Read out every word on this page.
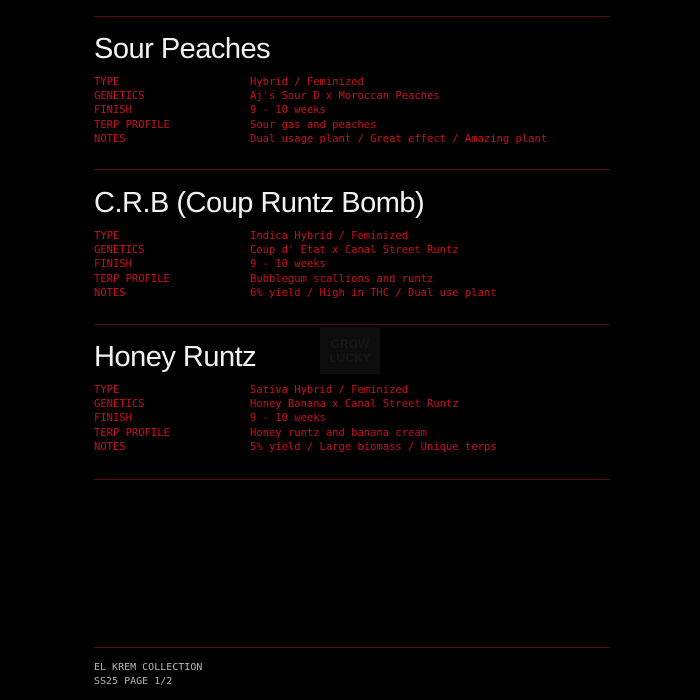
Sour Peaches
TYPE	Hybrid / Feminized
GENETICS	Aj's Sour D x Moroccan Peaches
FINISH	9 - 10 weeks
TERP PROFILE	Sour gas and peaches
NOTES	Dual usage plant / Great effect / Amazing plant
C.R.B (Coup Runtz Bomb)
TYPE	Indica Hybrid / Feminized
GENETICS	Coup d' Etat x Canal Street Runtz
FINISH	9 - 10 weeks
TERP PROFILE	Bubblegum scallions and runtz
NOTES	6% yield / High in THC / Dual use plant
GROW
LUCKY
Honey Runtz
TYPE	Sativa Hybrid / Feminized
GENETICS	Honey Banana x Canal Street Runtz
FINISH	9 - 10 weeks
TERP PROFILE	Honey runtz and banana cream
NOTES	5% yield / Large biomass / Unique terps
EL KREM COLLECTION
SS25 PAGE 1/2
